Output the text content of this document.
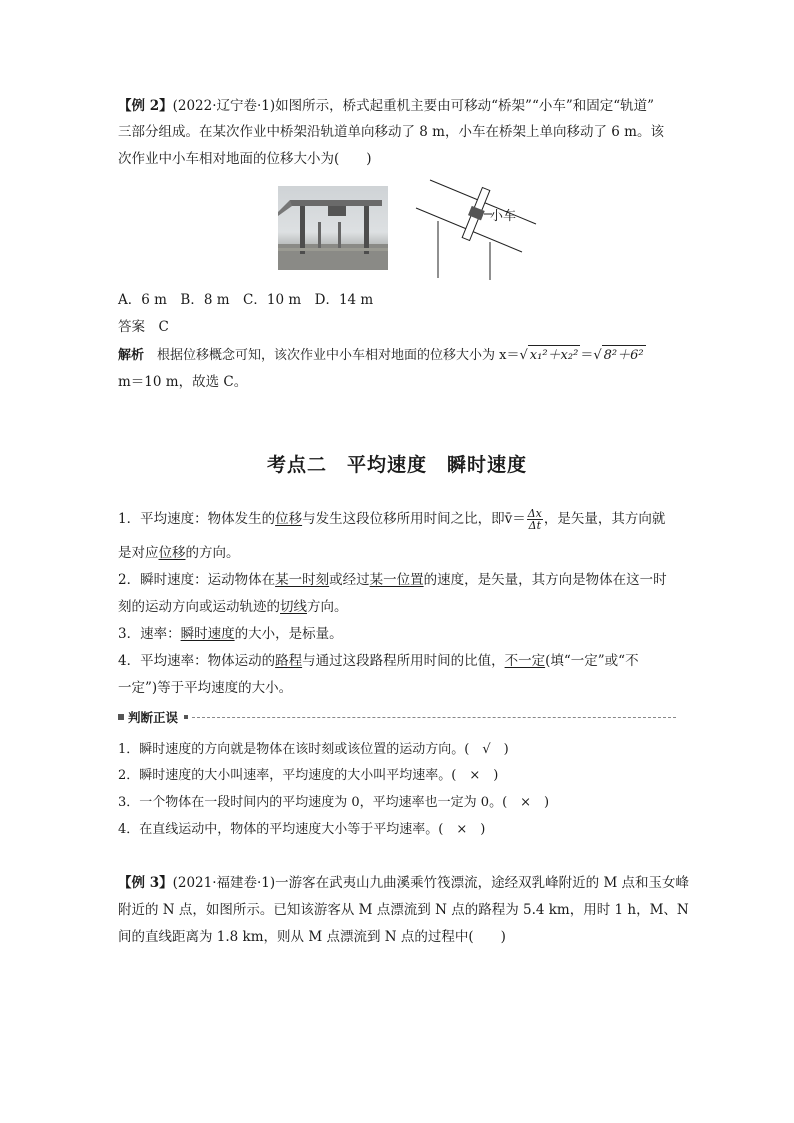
【例 2】(2022·辽宁卷·1)如图所示，桥式起重机主要由可移动“桥架”“小车”和固定“轨道”
三部分组成。在某次作业中桥架沿轨道单向移动了 8 m，小车在桥架上单向移动了 6 m。该
次作业中小车相对地面的位移大小为(　　)
小车
A．6 m　B．8 m　C．10 m　D．14 m
答案　 C
解析　 根据位移概念可知，该次作业中小车相对地面的位移大小为 x＝√ x₁²＋x₂² ＝√ 8²＋6²
m＝10 m，故选 C。
考点二　平均速度　瞬时速度
1．平均速度：物体发生的位移与发生这段位移所用时间之比，即v̄＝ $\frac{\Delta x}{\Delta t}$ ，是矢量，其方向就
是对应位移的方向。
2．瞬时速度：运动物体在某一时刻或经过某一位置的速度，是矢量，其方向是物体在这一时
刻的运动方向或运动轨迹的切线方向。
3．速率：瞬时速度的大小，是标量。
4．平均速率：物体运动的路程与通过这段路程所用时间的比值，不一定(填“一定”或“不
一定”)等于平均速度的大小。
判断正误
1．瞬时速度的方向就是物体在该时刻或该位置的运动方向。(　√　)
2．瞬时速度的大小叫速率，平均速度的大小叫平均速率。(　×　)
3．一个物体在一段时间内的平均速度为 0，平均速率也一定为 0。(　×　)
4．在直线运动中，物体的平均速度大小等于平均速率。(　×　)
【例 3】(2021·福建卷·1)一游客在武夷山九曲溪乘竹筏漂流，途经双乳峰附近的 M 点和玉女峰
附近的 N 点，如图所示。已知该游客从 M 点漂流到 N 点的路程为 5.4 km，用时 1 h，M、N
间的直线距离为 1.8 km，则从 M 点漂流到 N 点的过程中(　　)
